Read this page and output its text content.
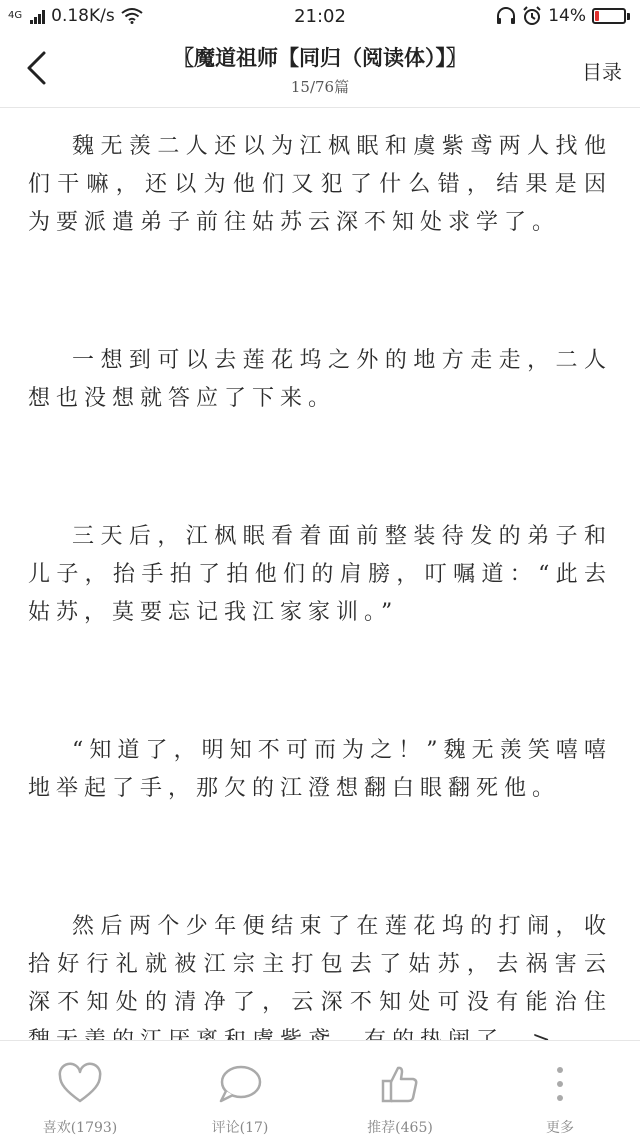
4G 0.18K/s	21:02	14%
〖魔道祖师【同归（阅读体）】〗
15/76篇
目录

魏无羡二人还以为江枫眠和虞紫鸢两人找他们干嘛，还以为他们又犯了什么错，结果是因为要派遣弟子前往姑苏云深不知处求学了。

一想到可以去莲花坞之外的地方走走，二人想也没想就答应了下来。

三天后，江枫眠看着面前整装待发的弟子和儿子，抬手拍了拍他们的肩膀，叮嘱道：“此去姑苏，莫要忘记我江家家训。”

“知道了，明知不可而为之！”魏无羡笑嘻嘻地举起了手，那欠的江澄想翻白眼翻死他。

然后两个少年便结束了在莲花坞的打闹，收拾好行礼就被江宗主打包去了姑苏，去祸害云深不知处的清净了，云深不知处可没有能治住

喜欢(1793)	评论(17)	推荐(465)	更多
